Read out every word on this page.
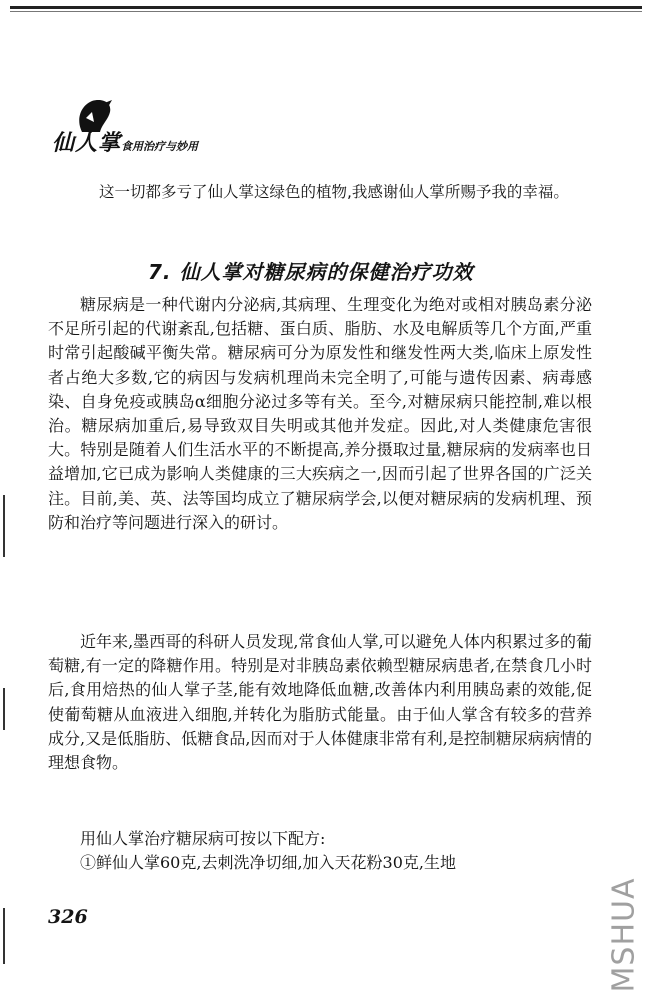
仙人掌食用治疗与妙用
这一切都多亏了仙人掌这绿色的植物,我感谢仙人掌所赐予我的幸福。
7. 仙人掌对糖尿病的保健治疗功效

糖尿病是一种代谢内分泌病,其病理、生理变化为绝对或相对胰岛素分泌不足所引起的代谢紊乱,包括糖、蛋白质、脂肪、水及电解质等几个方面,严重时常引起酸碱平衡失常。糖尿病可分为原发性和继发性两大类,临床上原发性者占绝大多数,它的病因与发病机理尚未完全明了,可能与遗传因素、病毒感染、自身免疫或胰岛α细胞分泌过多等有关。至今,对糖尿病只能控制,难以根治。糖尿病加重后,易导致双目失明或其他并发症。因此,对人类健康危害很大。特别是随着人们生活水平的不断提高,养分摄取过量,糖尿病的发病率也日益增加,它已成为影响人类健康的三大疾病之一,因而引起了世界各国的广泛关注。目前,美、英、法等国均成立了糖尿病学会,以便对糖尿病的发病机理、预防和治疗等问题进行深入的研讨。

近年来,墨西哥的科研人员发现,常食仙人掌,可以避免人体内积累过多的葡萄糖,有一定的降糖作用。特别是对非胰岛素依赖型糖尿病患者,在禁食几小时后,食用焙热的仙人掌子茎,能有效地降低血糖,改善体内利用胰岛素的效能,促使葡萄糖从血液进入细胞,并转化为脂肪式能量。由于仙人掌含有较多的营养成分,又是低脂肪、低糖食品,因而对于人体健康非常有利,是控制糖尿病病情的理想食物。

用仙人掌治疗糖尿病可按以下配方:

①鲜仙人掌60克,去刺洗净切细,加入天花粉30克,生地

326	MSHUA
